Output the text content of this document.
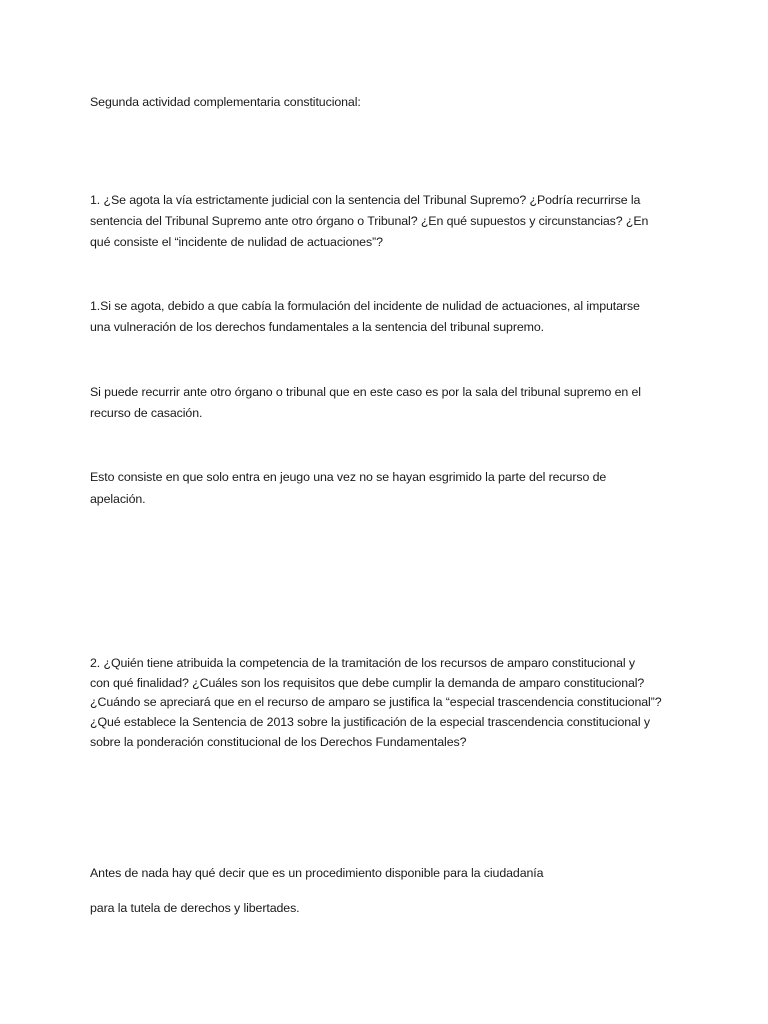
Segunda actividad complementaria constitucional:
1. ¿Se agota la vía estrictamente judicial con la sentencia del Tribunal Supremo? ¿Podría recurrirse la
sentencia del Tribunal Supremo ante otro órgano o Tribunal? ¿En qué supuestos y circunstancias? ¿En
qué consiste el “incidente de nulidad de actuaciones”?
1.Si se agota, debido a que cabía la formulación del incidente de nulidad de actuaciones, al imputarse
una vulneración de los derechos fundamentales a la sentencia del tribunal supremo.
Si puede recurrir ante otro órgano o tribunal que en este caso es por la sala del tribunal supremo en el
recurso de casación.
Esto consiste en que solo entra en jeugo una vez no se hayan esgrimido la parte del recurso de
apelación.
2. ¿Quién tiene atribuida la competencia de la tramitación de los recursos de amparo constitucional y
con qué finalidad? ¿Cuáles son los requisitos que debe cumplir la demanda de amparo constitucional?
¿Cuándo se apreciará que en el recurso de amparo se justifica la “especial trascendencia constitucional”?
¿Qué establece la Sentencia de 2013 sobre la justificación de la especial trascendencia constitucional y
sobre la ponderación constitucional de los Derechos Fundamentales?
Antes de nada hay qué decir que es un procedimiento disponible para la ciudadanía
para la tutela de derechos y libertades.
